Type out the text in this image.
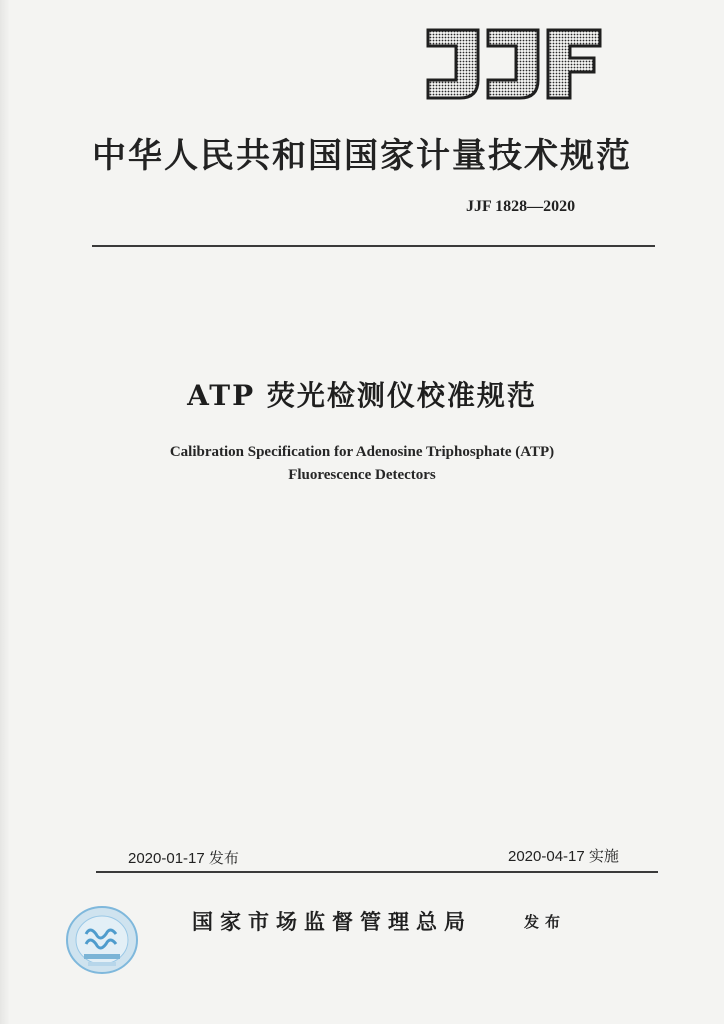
中华人民共和国国家计量技术规范
JJF 1828—2020
ATP 荧光检测仪校准规范
Calibration Specification for Adenosine Triphosphate (ATP)
Fluorescence Detectors
2020-01-17 发布	2020-04-17 实施
国家市场监督管理总局	发布
